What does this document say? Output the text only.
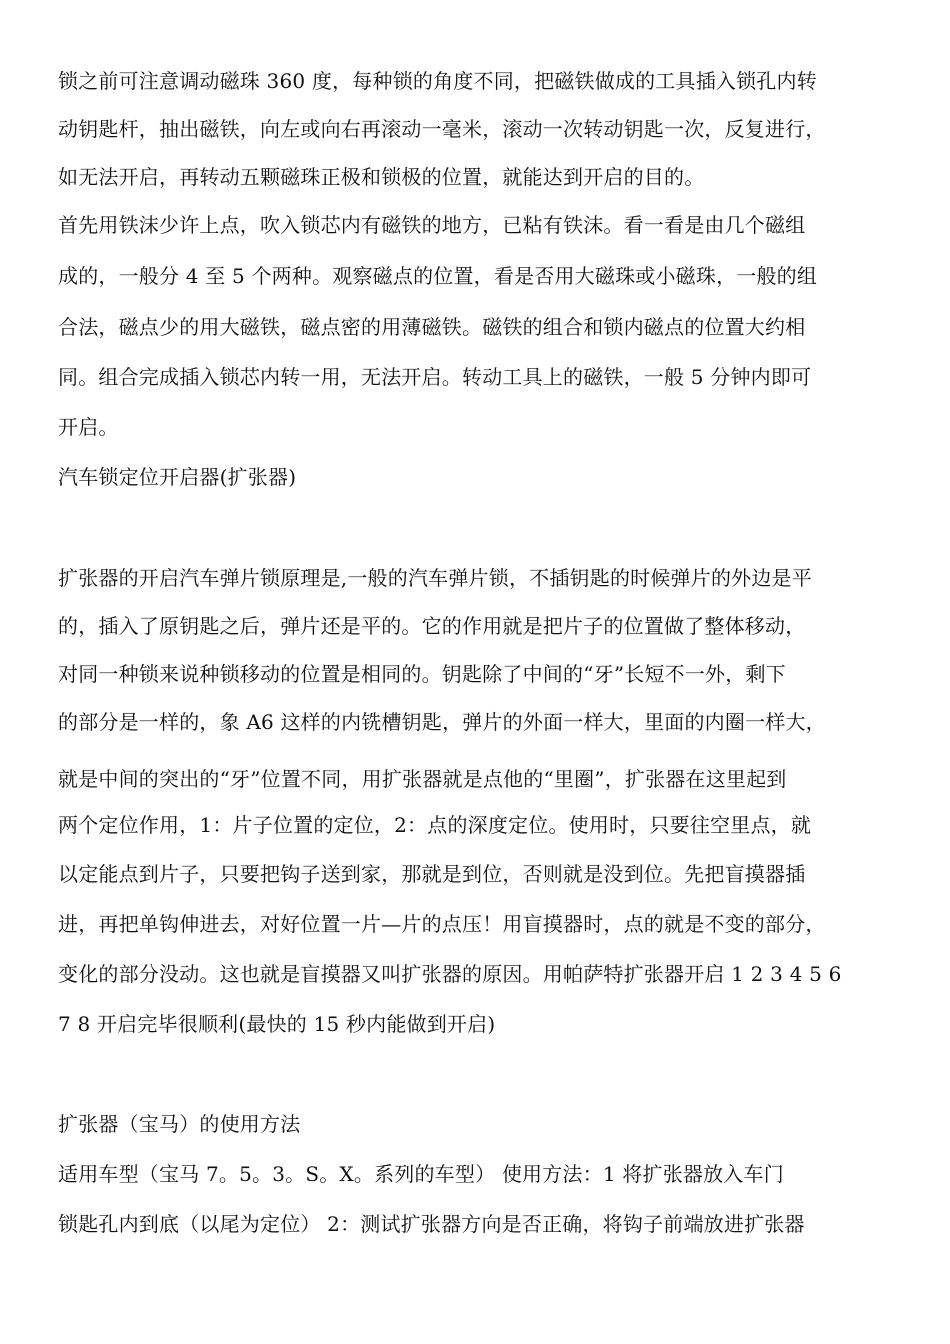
锁之前可注意调动磁珠 360 度，每种锁的角度不同，把磁铁做成的工具插入锁孔内转
动钥匙杆，抽出磁铁，向左或向右再滚动一毫米，滚动一次转动钥匙一次，反复进行，
如无法开启，再转动五颗磁珠正极和锁极的位置，就能达到开启的目的。
首先用铁沫少许上点，吹入锁芯内有磁铁的地方，已粘有铁沫。看一看是由几个磁组
成的，一般分 4 至 5 个两种。观察磁点的位置，看是否用大磁珠或小磁珠，一般的组
合法，磁点少的用大磁铁，磁点密的用薄磁铁。磁铁的组合和锁内磁点的位置大约相
同。组合完成插入锁芯内转一用，无法开启。转动工具上的磁铁，一般 5 分钟内即可
开启。
汽车锁定位开启器(扩张器)
扩张器的开启汽车弹片锁原理是,一般的汽车弹片锁，不插钥匙的时候弹片的外边是平
的，插入了原钥匙之后，弹片还是平的。它的作用就是把片子的位置做了整体移动，
对同一种锁来说种锁移动的位置是相同的。钥匙除了中间的“牙”长短不一外，剩下
的部分是一样的，象 A6 这样的内铣槽钥匙，弹片的外面一样大，里面的内圈一样大，
就是中间的突出的“牙”位置不同，用扩张器就是点他的“里圈”，扩张器在这里起到
两个定位作用，1：片子位置的定位，2：点的深度定位。使用时，只要往空里点，就
以定能点到片子，只要把钩子送到家，那就是到位，否则就是没到位。先把盲摸器插
进，再把单钩伸进去，对好位置一片—片的点压！用盲摸器时，点的就是不变的部分，
变化的部分没动。这也就是盲摸器又叫扩张器的原因。用帕萨特扩张器开启 1 2 3 4 5 6
7 8 开启完毕很顺利(最快的 15 秒内能做到开启)
扩张器（宝马）的使用方法
适用车型（宝马 7。5。3。S。X。系列的车型） 使用方法：1 将扩张器放入车门
锁匙孔内到底（以尾为定位） 2：测试扩张器方向是否正确，将钩子前端放进扩张器
